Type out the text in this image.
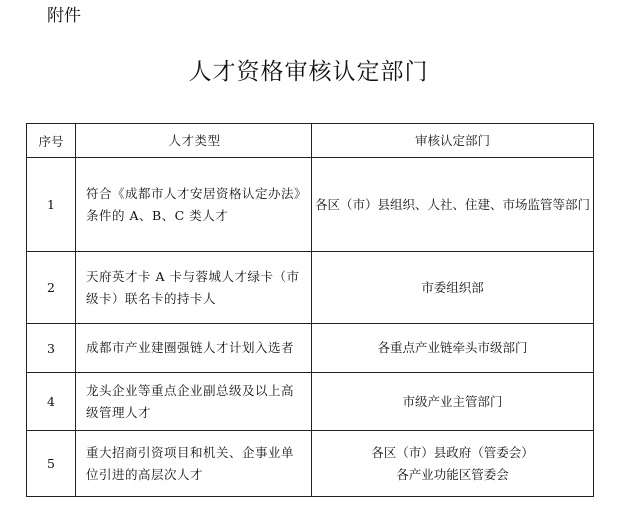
附件
人才资格审核认定部门
序号	人才类型	审核认定部门
1	符合《成都市人才安居资格认定办法》条件的 A、B、C 类人才	各区（市）县组织、人社、住建、市场监管等部门

2	天府英才卡 A 卡与蓉城人才绿卡（市级卡）联名卡的持卡人	市委组织部

3	成都市产业建圈强链人才计划入选者	各重点产业链牵头市级部门

4	龙头企业等重点企业副总级及以上高级管理人才	市级产业主管部门

5	重大招商引资项目和机关、企事业单位引进的高层次人才	各区（市）县政府（管委会）
各产业功能区管委会
